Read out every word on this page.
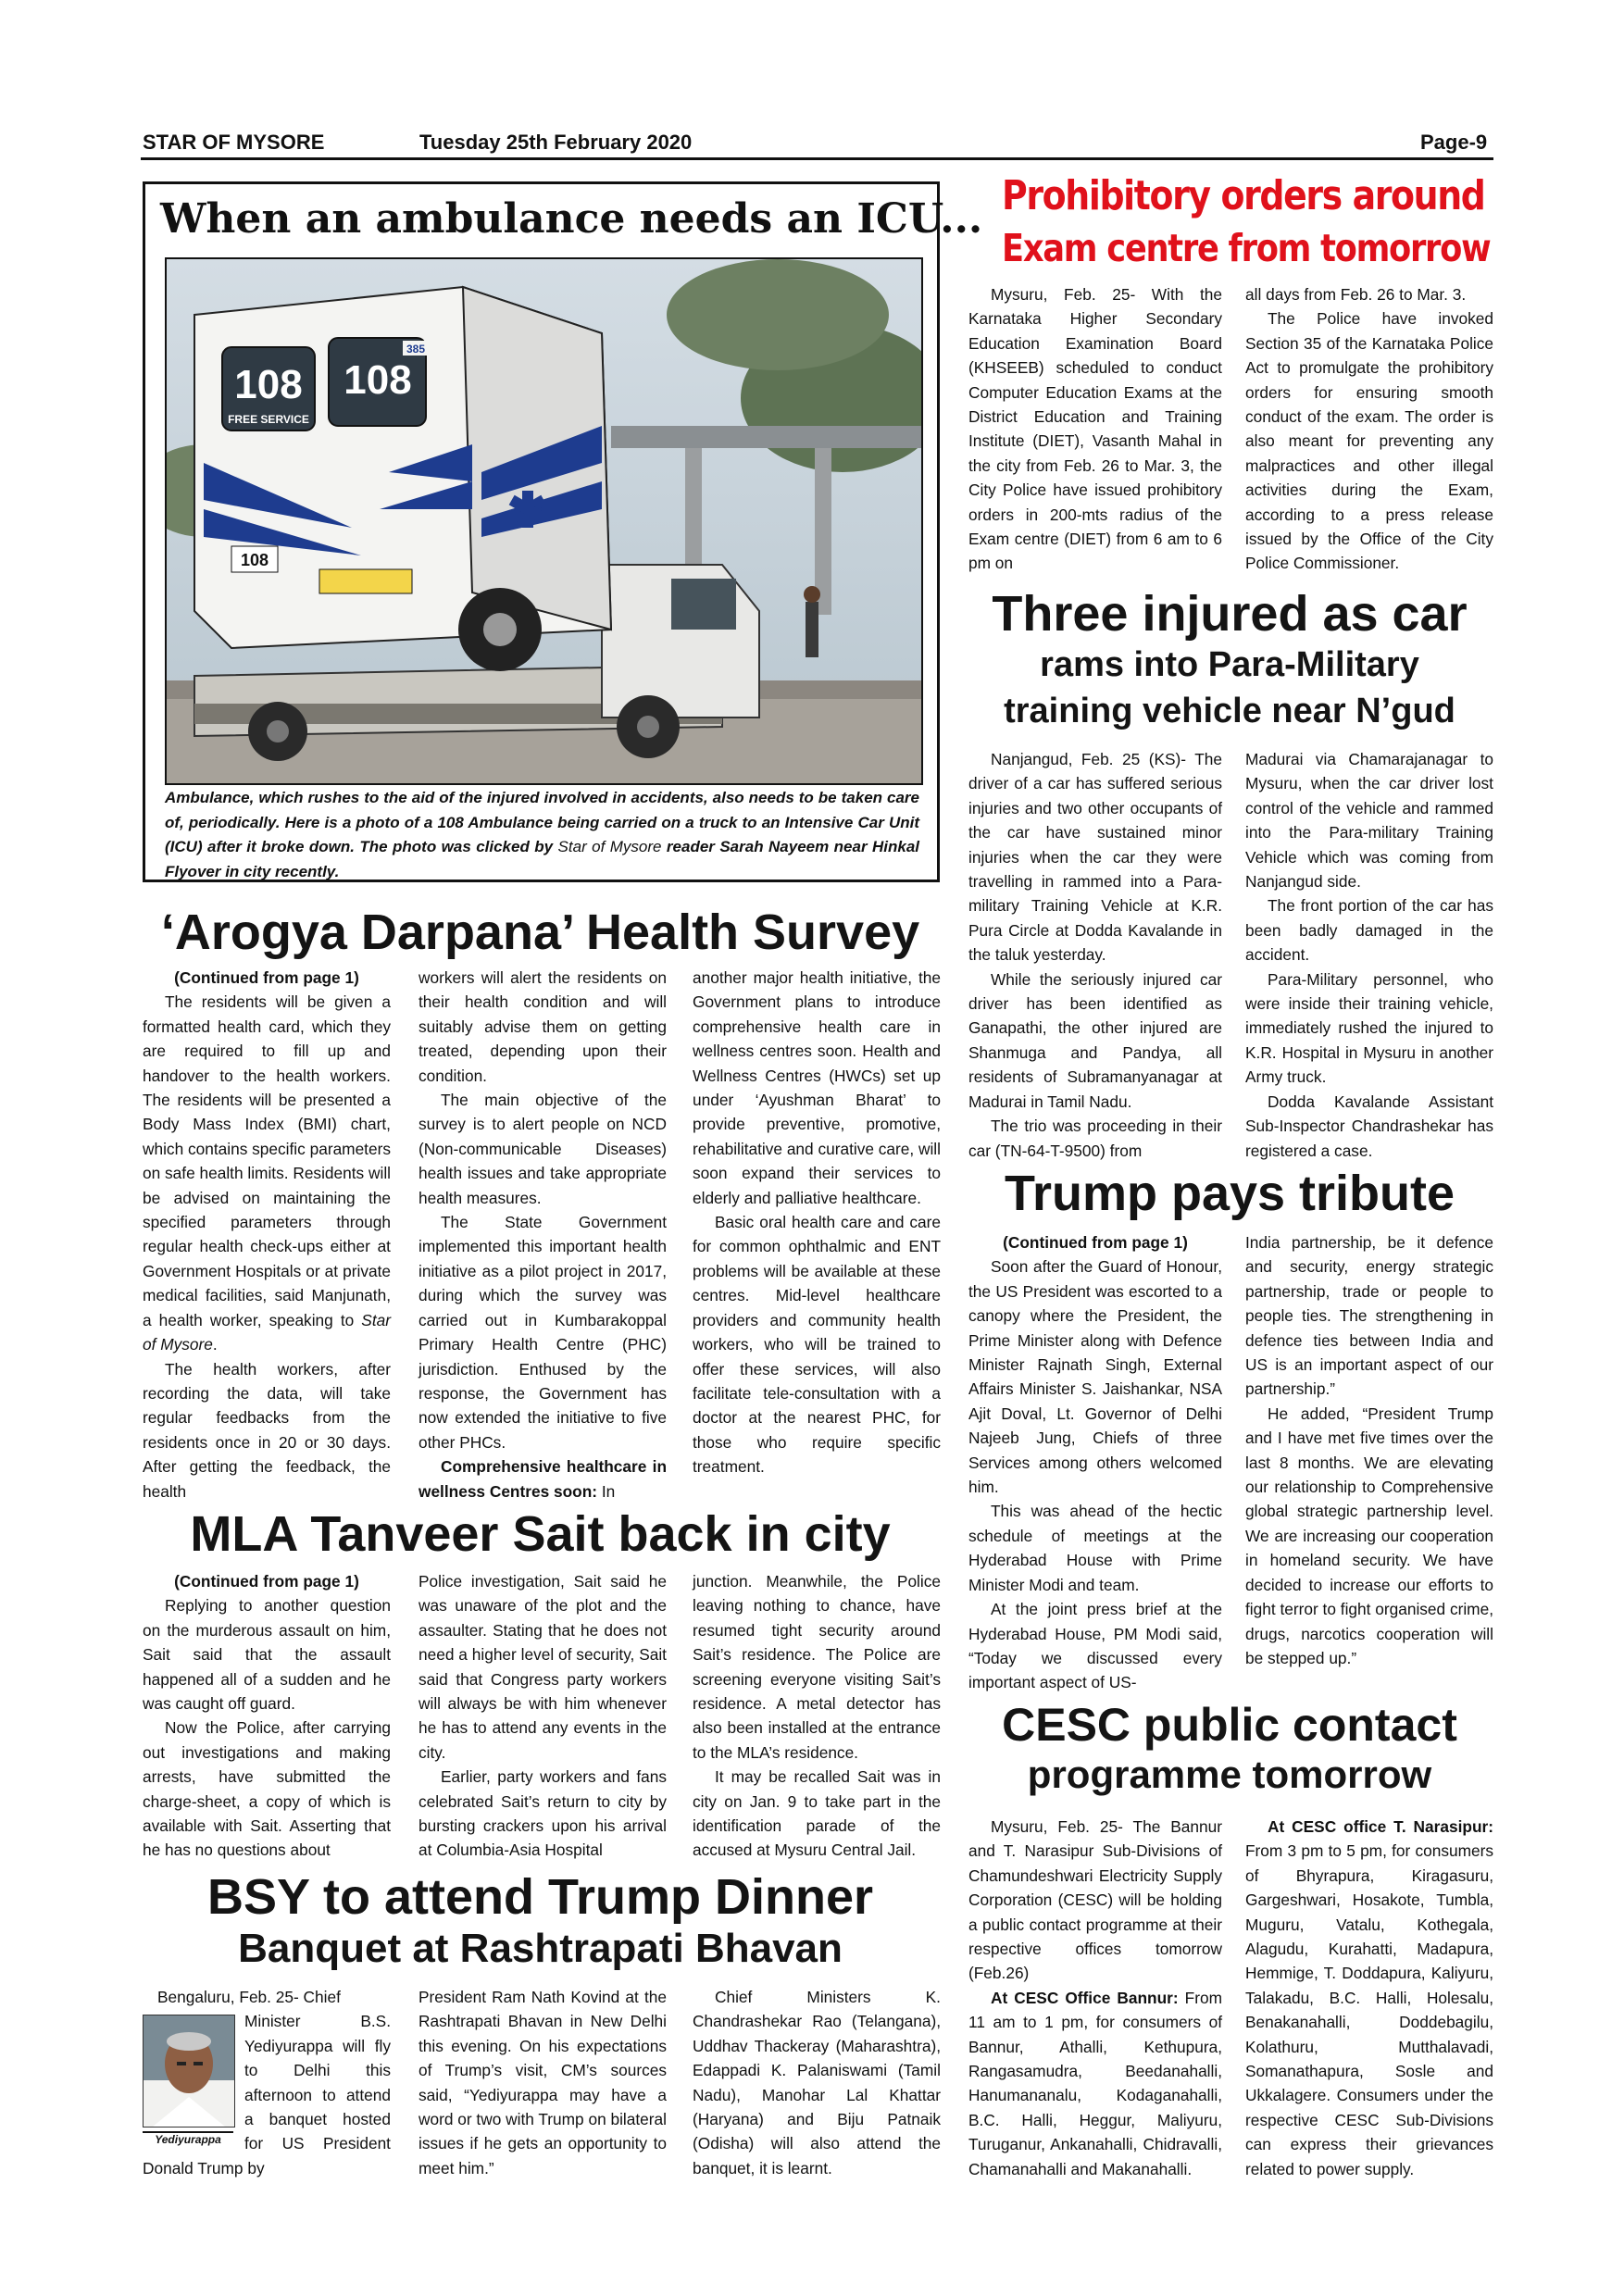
STAR OF MYSORE	Tuesday 25th February 2020	Page-9
When an ambulance needs an ICU...
108 108
FREE SERVICE
385
108

Ambulance, which rushes to the aid of the injured involved in accidents, also needs to be taken care of, periodically. Here is a photo of a 108 Ambulance being carried on a truck to an Intensive Car Unit (ICU) after it broke down. The photo was clicked by Star of Mysore reader Sarah Nayeem near Hinkal Flyover in city recently.

Prohibitory orders around
Exam centre from tomorrow

Mysuru, Feb. 25- With the Karnataka Higher Secondary Education Examination Board (KHSEEB) scheduled to conduct Computer Education Exams at the District Education and Training Institute (DIET), Vasanth Mahal in the city from Feb. 26 to Mar. 3, the City Police have issued prohibitory orders in 200-mts radius of the Exam centre (DIET) from 6 am to 6 pm on

all days from Feb. 26 to Mar. 3.

The Police have invoked Section 35 of the Karnataka Police Act to promulgate the prohibitory orders for ensuring smooth conduct of the exam. The order is also meant for preventing any malpractices and other illegal activities during the Exam, according to a press release issued by the Office of the City Police Commissioner.

Three injured as car
rams into Para-Military
training vehicle near N’gud

Nanjangud, Feb. 25 (KS)- The driver of a car has suffered serious injuries and two other occupants of the car have sustained minor injuries when the car they were travelling in rammed into a Para-military Training Vehicle at K.R. Pura Circle at Dodda Kavalande in the taluk yesterday.

While the seriously injured car driver has been identified as Ganapathi, the other injured are Shanmuga and Pandya, all residents of Subramanyanagar at Madurai in Tamil Nadu.

The trio was proceeding in their car (TN-64-T-9500) from

Madurai via Chamarajanagar to Mysuru, when the car driver lost control of the vehicle and rammed into the Para-military Training Vehicle which was coming from Nanjangud side.

The front portion of the car has been badly damaged in the accident.

Para-Military personnel, who were inside their training vehicle, immediately rushed the injured to K.R. Hospital in Mysuru in another Army truck.

Dodda Kavalande Assistant Sub-Inspector Chandrashekar has registered a case.

‘Arogya Darpana’ Health Survey

(Continued from page 1)

The residents will be given a formatted health card, which they are required to fill up and handover to the health workers. The residents will be presented a Body Mass Index (BMI) chart, which contains specific parameters on safe health limits. Residents will be advised on maintaining the specified parameters through regular health check-ups either at Government Hospitals or at private medical facilities, said Manjunath, a health worker, speaking to Star of Mysore.

The health workers, after recording the data, will take regular feedbacks from the residents once in 20 or 30 days. After getting the feedback, the health

workers will alert the residents on their health condition and will suitably advise them on getting treated, depending upon their condition.

The main objective of the survey is to alert people on NCD (Non-communicable Diseases) health issues and take appropriate health measures.

The State Government implemented this important health initiative as a pilot project in 2017, during which the survey was carried out in Kumbarakoppal Primary Health Centre (PHC) jurisdiction. Enthused by the response, the Government has now extended the initiative to five other PHCs.

Comprehensive healthcare in wellness Centres soon: In

another major health initiative, the Government plans to introduce comprehensive health care in wellness centres soon. Health and Wellness Centres (HWCs) set up under ‘Ayushman Bharat’ to provide preventive, promotive, rehabilitative and curative care, will soon expand their services to elderly and palliative healthcare.

Basic oral health care and care for common ophthalmic and ENT problems will be available at these centres. Mid-level healthcare providers and community health workers, who will be trained to offer these services, will also facilitate tele-consultation with a doctor at the nearest PHC, for those who require specific treatment.

Trump pays tribute

(Continued from page 1)

Soon after the Guard of Honour, the US President was escorted to a canopy where the President, the Prime Minister along with Defence Minister Rajnath Singh, External Affairs Minister S. Jaishankar, NSA Ajit Doval, Lt. Governor of Delhi Najeeb Jung, Chiefs of three Services among others welcomed him.

This was ahead of the hectic schedule of meetings at the Hyderabad House with Prime Minister Modi and team.

At the joint press brief at the Hyderabad House, PM Modi said, “Today we discussed every important aspect of US-

India partnership, be it defence and security, energy strategic partnership, trade or people to people ties. The strengthening in defence ties between India and US is an important aspect of our partnership.”

He added, “President Trump and I have met five times over the last 8 months. We are elevating our relationship to Comprehensive global strategic partnership level. We are increasing our cooperation in homeland security. We have decided to increase our efforts to fight terror to fight organised crime, drugs, narcotics cooperation will be stepped up.”

MLA Tanveer Sait back in city

(Continued from page 1)

Replying to another question on the murderous assault on him, Sait said that the assault happened all of a sudden and he was caught off guard.

Now the Police, after carrying out investigations and making arrests, have submitted the charge-sheet, a copy of which is available with Sait. Asserting that he has no questions about

Police investigation, Sait said he was unaware of the plot and the assaulter. Stating that he does not need a higher level of security, Sait said that Congress party workers will always be with him whenever he has to attend any events in the city.

Earlier, party workers and fans celebrated Sait’s return to city by bursting crackers upon his arrival at Columbia-Asia Hospital

junction. Meanwhile, the Police leaving nothing to chance, have resumed tight security around Sait’s residence. The Police are screening everyone visiting Sait’s residence. A metal detector has also been installed at the entrance to the MLA’s residence.

It may be recalled Sait was in city on Jan. 9 to take part in the identification parade of the accused at Mysuru Central Jail.

CESC public contact
programme tomorrow

Mysuru, Feb. 25- The Bannur and T. Narasipur Sub-Divisions of Chamundeshwari Electricity Supply Corporation (CESC) will be holding a public contact programme at their respective offices tomorrow (Feb.26)

At CESC Office Bannur: From 11 am to 1 pm, for consumers of Bannur, Athalli, Kethupura, Rangasamudra, Beedanahalli, Hanumananalu, Kodaganahalli, B.C. Halli, Heggur, Maliyuru, Turuganur, Ankanahalli, Chidravalli, Chamanahalli and Makanahalli.

At CESC office T. Narasipur: From 3 pm to 5 pm, for consumers of Bhyrapura, Kiragasuru, Gargeshwari, Hosakote, Tumbla, Muguru, Vatalu, Kothegala, Alagudu, Kurahatti, Madapura, Hemmige, T. Doddapura, Kaliyuru, Talakadu, B.C. Halli, Holesalu, Benakanahalli, Doddebagilu, Kolathuru, Mutthalavadi, Somanathapura, Sosle and Ukkalagere. Consumers under the respective CESC Sub-Divisions can express their grievances related to power supply.

BSY to attend Trump Dinner
Banquet at Rashtrapati Bhavan

Bengaluru, Feb. 25- Chief

Yediyurappa

Minister B.S. Yediyurappa will fly to Delhi this afternoon to attend a banquet hosted for US President Donald Trump by

President Ram Nath Kovind at the Rashtrapati Bhavan in New Delhi this evening. On his expectations of Trump’s visit, CM’s sources said, “Yediyurappa may have a word or two with Trump on bilateral issues if he gets an opportunity to meet him.”

Chief Ministers K. Chandrashekar Rao (Telangana), Uddhav Thackeray (Maharashtra), Edappadi K. Palaniswami (Tamil Nadu), Manohar Lal Khattar (Haryana) and Biju Patnaik (Odisha) will also attend the banquet, it is learnt.
